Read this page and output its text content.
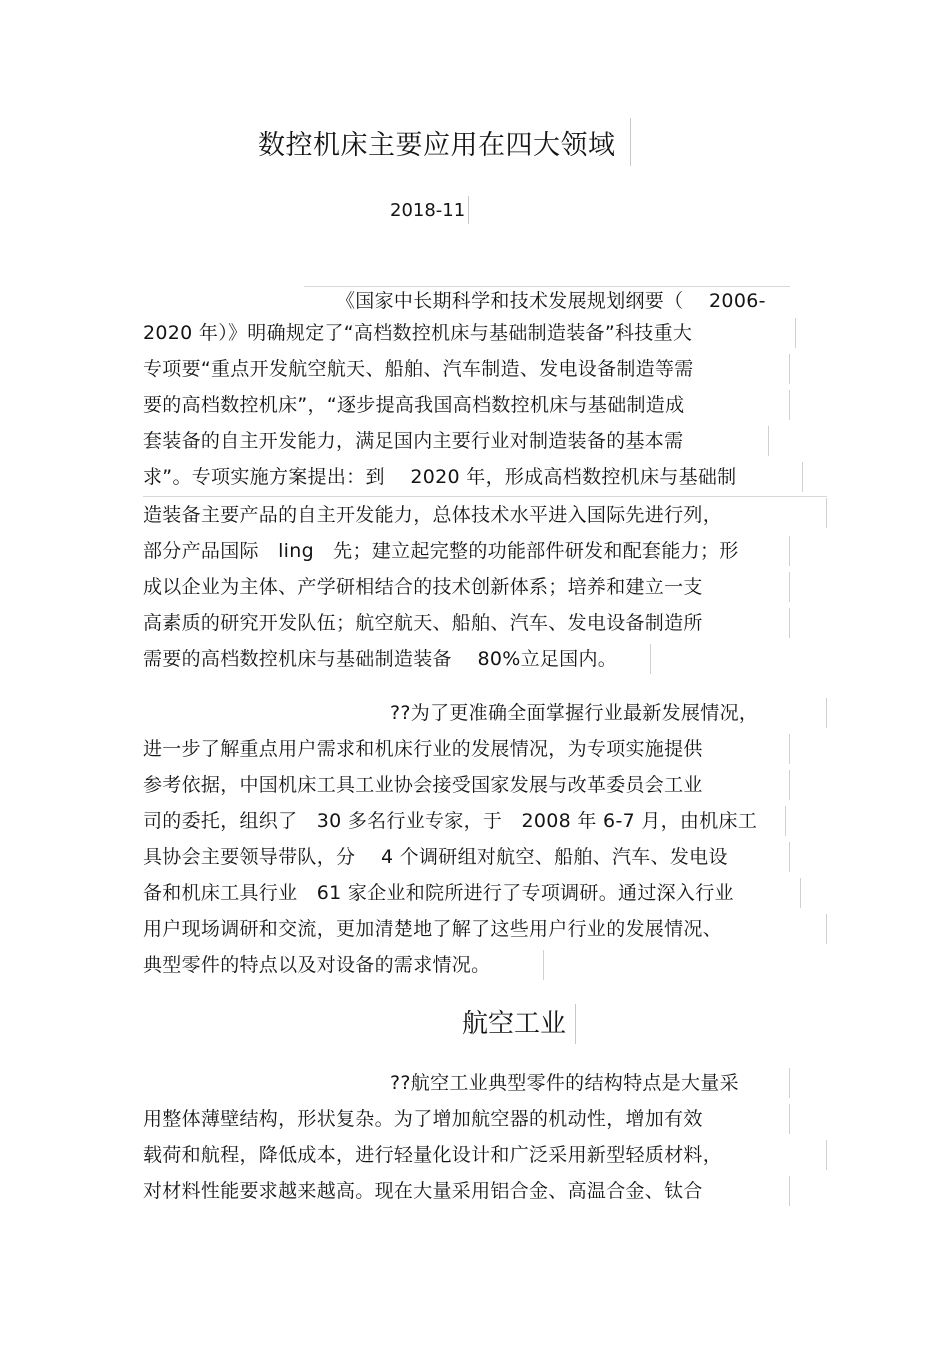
数控机床主要应用在四大领域
2018-11
《国家中长期科学和技术发展规划纲要（　 2006-
2020 年）》明确规定了“高档数控机床与基础制造装备”科技重大
专项要“重点开发航空航天、船舶、汽车制造、发电设备制造等需
要的高档数控机床”，“逐步提高我国高档数控机床与基础制造成
套装备的自主开发能力，满足国内主要行业对制造装备的基本需
求”。专项实施方案提出：到　 2020 年，形成高档数控机床与基础制
造装备主要产品的自主开发能力，总体技术水平进入国际先进行列，
部分产品国际　ling　先；建立起完整的功能部件研发和配套能力；形
成以企业为主体、产学研相结合的技术创新体系；培养和建立一支
高素质的研究开发队伍；航空航天、船舶、汽车、发电设备制造所
需要的高档数控机床与基础制造装备　 80%立足国内。
??为了更准确全面掌握行业最新发展情况，
进一步了解重点用户需求和机床行业的发展情况，为专项实施提供
参考依据，中国机床工具工业协会接受国家发展与改革委员会工业
司的委托，组织了　30 多名行业专家，于　2008 年 6-7 月，由机床工
具协会主要领导带队，分　 4 个调研组对航空、船舶、汽车、发电设
备和机床工具行业　61 家企业和院所进行了专项调研。通过深入行业
用户现场调研和交流，更加清楚地了解了这些用户行业的发展情况、
典型零件的特点以及对设备的需求情况。
航空工业
??航空工业典型零件的结构特点是大量采
用整体薄壁结构，形状复杂。为了增加航空器的机动性，增加有效
载荷和航程，降低成本，进行轻量化设计和广泛采用新型轻质材料，
对材料性能要求越来越高。现在大量采用铝合金、高温合金、钛合
